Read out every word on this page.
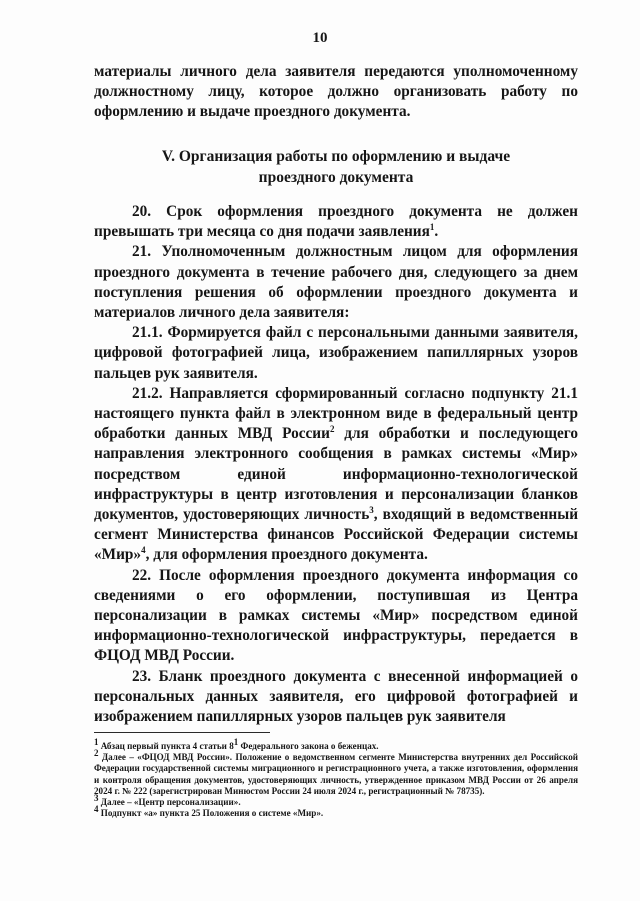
10

материалы личного дела заявителя передаются уполномоченному должностному лицу, которое должно организовать работу по оформлению и выдаче проездного документа.

V. Организация работы по оформлению и выдаче
проездного документа

20. Срок оформления проездного документа не должен превышать три месяца со дня подачи заявления$^1$.

21. Уполномоченным должностным лицом для оформления проездного документа в течение рабочего дня, следующего за днем поступления решения об оформлении проездного документа и материалов личного дела заявителя:

21.1. Формируется файл с персональными данными заявителя, цифровой фотографией лица, изображением папиллярных узоров пальцев рук заявителя.

21.2. Направляется сформированный согласно подпункту 21.1 настоящего пункта файл в электронном виде в федеральный центр обработки данных МВД России$^2$ для обработки и последующего направления электронного сообщения в рамках системы «Мир» посредством единой информационно-технологической инфраструктуры в центр изготовления и персонализации бланков документов, удостоверяющих личность$^3$, входящий в ведомственный сегмент Министерства финансов Российской Федерации системы «Мир»$^4$, для оформления проездного документа.

22. После оформления проездного документа информация со сведениями о его оформлении, поступившая из Центра персонализации в рамках системы «Мир» посредством единой информационно-технологической инфраструктуры, передается в ФЦОД МВД России.

23. Бланк проездного документа с внесенной информацией о персональных данных заявителя, его цифровой фотографией и изображением папиллярных узоров пальцев рук заявителя

$^1$ Абзац первый пункта 4 статьи $8^1$ Федерального закона о беженцах.

$^2$ Далее – «ФЦОД МВД России». Положение о ведомственном сегменте Министерства внутренних дел Российской Федерации государственной системы миграционного и регистрационного учета, а также изготовления, оформления и контроля обращения документов, удостоверяющих личность, утвержденное приказом МВД России от 26 апреля 2024 г. № 222 (зарегистрирован Минюстом России 24 июля 2024 г., регистрационный № 78735).

$^3$ Далее – «Центр персонализации».

$^4$ Подпункт «а» пункта 25 Положения о системе «Мир».
